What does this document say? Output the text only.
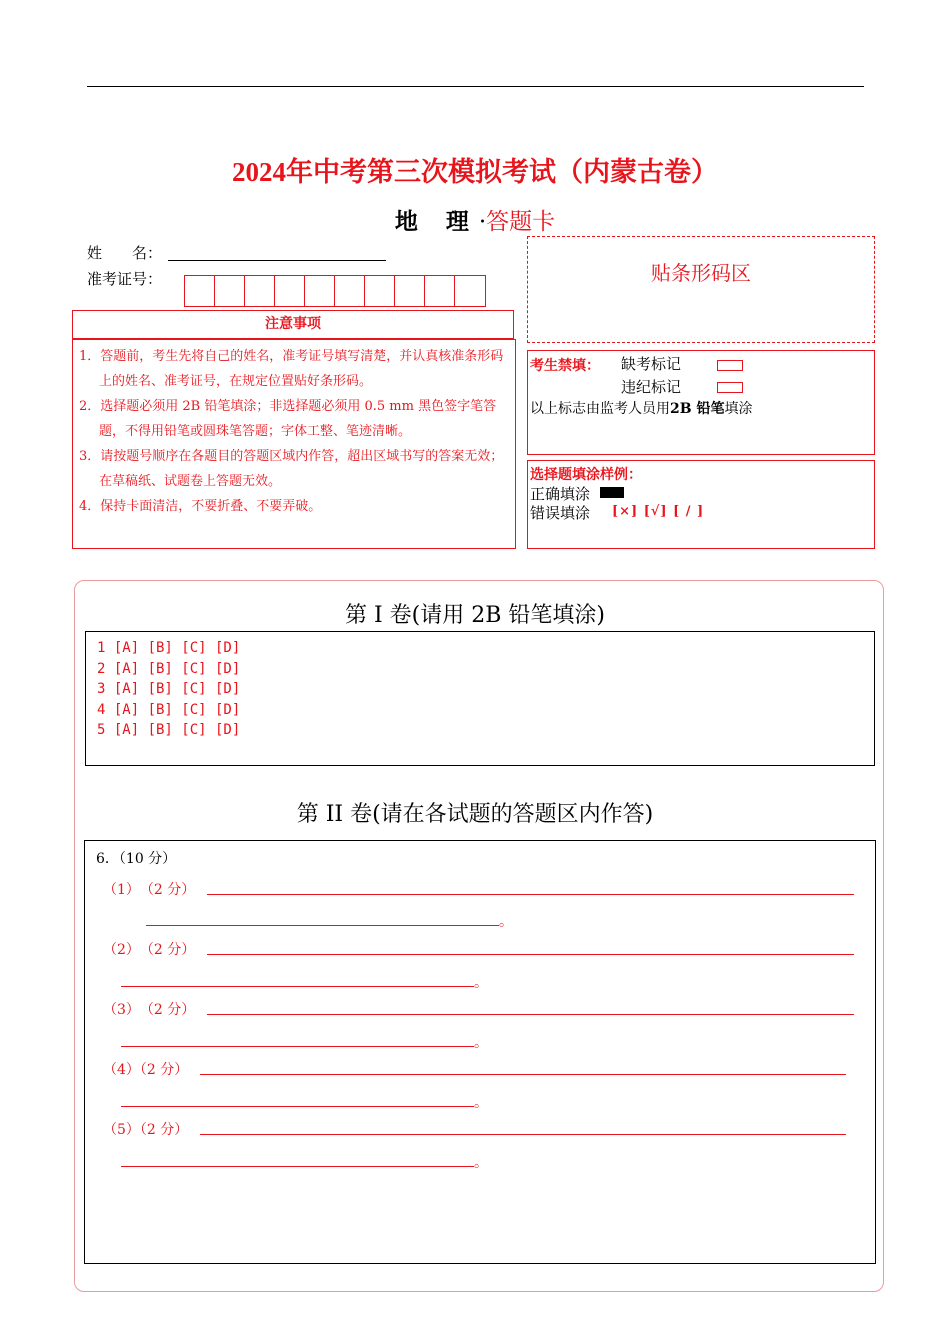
2024年中考第三次模拟考试（内蒙古卷）
地 理·答题卡
姓　　名：
准考证号：
注意事项
1．答题前，考生先将自己的姓名，准考证号填写清楚，并认真核准条形码上的姓名、准考证号，在规定位置贴好条形码。
2．选择题必须用 2B 铅笔填涂；非选择题必须用 0.5 mm 黑色签字笔答题，不得用铅笔或圆珠笔答题；字体工整、笔迹清晰。
3．请按题号顺序在各题目的答题区域内作答，超出区域书写的答案无效；在草稿纸、试题卷上答题无效。
4．保持卡面清洁，不要折叠、不要弄破。
贴条形码区
考生禁填： 缺考标记
违纪标记
以上标志由监考人员用2B 铅笔填涂
选择题填涂样例：
正确填涂
错误填涂 [×] [√] [ / ]
第 I 卷(请用 2B 铅笔填涂)
1 [A] [B] [C] [D]
2 [A] [B] [C] [D]
3 [A] [B] [C] [D]
4 [A] [B] [C] [D]
5 [A] [B] [C] [D]
第 II 卷(请在各试题的答题区内作答)
6．（10 分）
（1）　（2 分）
。
（2）　（2 分）
。
（3）　（2 分）
。
（4）（2 分）
。
（5）（2 分）
。
